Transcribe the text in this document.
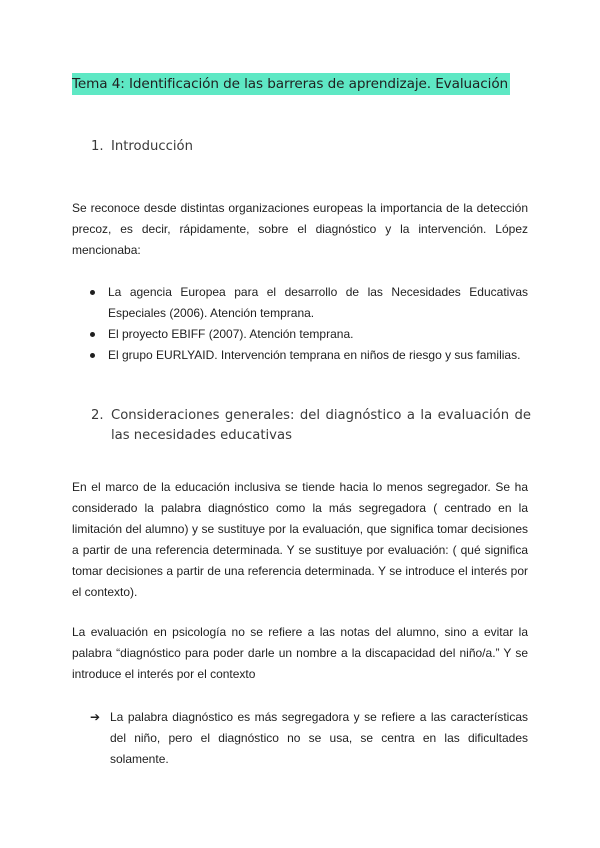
Tema 4: Identificación de las barreras de aprendizaje. Evaluación
1. Introducción

Se reconoce desde distintas organizaciones europeas la importancia de la detección precoz, es decir, rápidamente, sobre el diagnóstico y la intervención. López mencionaba:

La agencia Europea para el desarrollo de las Necesidades Educativas Especiales (2006). Atención temprana.
El proyecto EBIFF (2007). Atención temprana.
El grupo EURLYAID. Intervención temprana en niños de riesgo y sus familias.
2. Consideraciones generales: del diagnóstico a la evaluación de las necesidades educativas

En el marco de la educación inclusiva se tiende hacia lo menos segregador. Se ha considerado la palabra diagnóstico como la más segregadora ( centrado en la limitación del alumno) y se sustituye por la evaluación, que significa tomar decisiones a partir de una referencia determinada. Y se sustituye por evaluación: ( qué significa tomar decisiones a partir de una referencia determinada. Y se introduce el interés por el contexto).

La evaluación en psicología no se refiere a las notas del alumno, sino a evitar la palabra “diagnóstico para poder darle un nombre a la discapacidad del niño/a.” Y se introduce el interés por el contexto

➔ La palabra diagnóstico es más segregadora y se refiere a las características del niño, pero el diagnóstico no se usa, se centra en las dificultades solamente.
